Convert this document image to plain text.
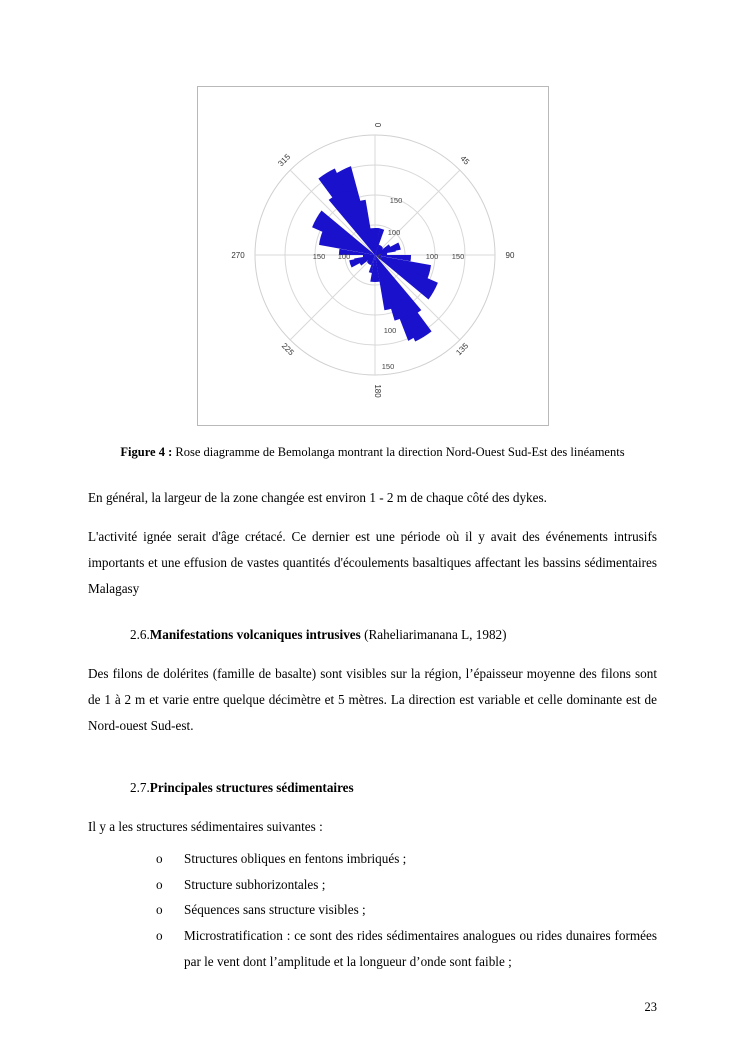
0
45
90
135
180
225
270
315
150
100
0
150 100	100 150
100
150
Figure 4 : Rose diagramme de Bemolanga montrant la direction Nord-Ouest Sud-Est des linéaments

En général, la largeur de la zone changée est environ 1 - 2 m de chaque côté des dykes.

L'activité ignée serait d'âge crétacé. Ce dernier est une période où il y avait des événements intrusifs importants et une effusion de vastes quantités d'écoulements basaltiques affectant les bassins sédimentaires Malagasy

2.6.Manifestations volcaniques intrusives (Raheliarimanana L, 1982)

Des filons de dolérites (famille de basalte) sont visibles sur la région, l’épaisseur moyenne des filons sont de 1 à 2 m et varie entre quelque décimètre et 5 mètres. La direction est variable et celle dominante est de Nord-ouest Sud-est.

2.7.Principales structures sédimentaires

Il y a les structures sédimentaires suivantes :

o Structures obliques en fentons imbriqués ;
o Structure subhorizontales ;
o Séquences sans structure visibles ;
o Microstratification : ce sont des rides sédimentaires analogues ou rides dunaires formées par le vent dont l’amplitude et la longueur d’onde sont faible ;
23
